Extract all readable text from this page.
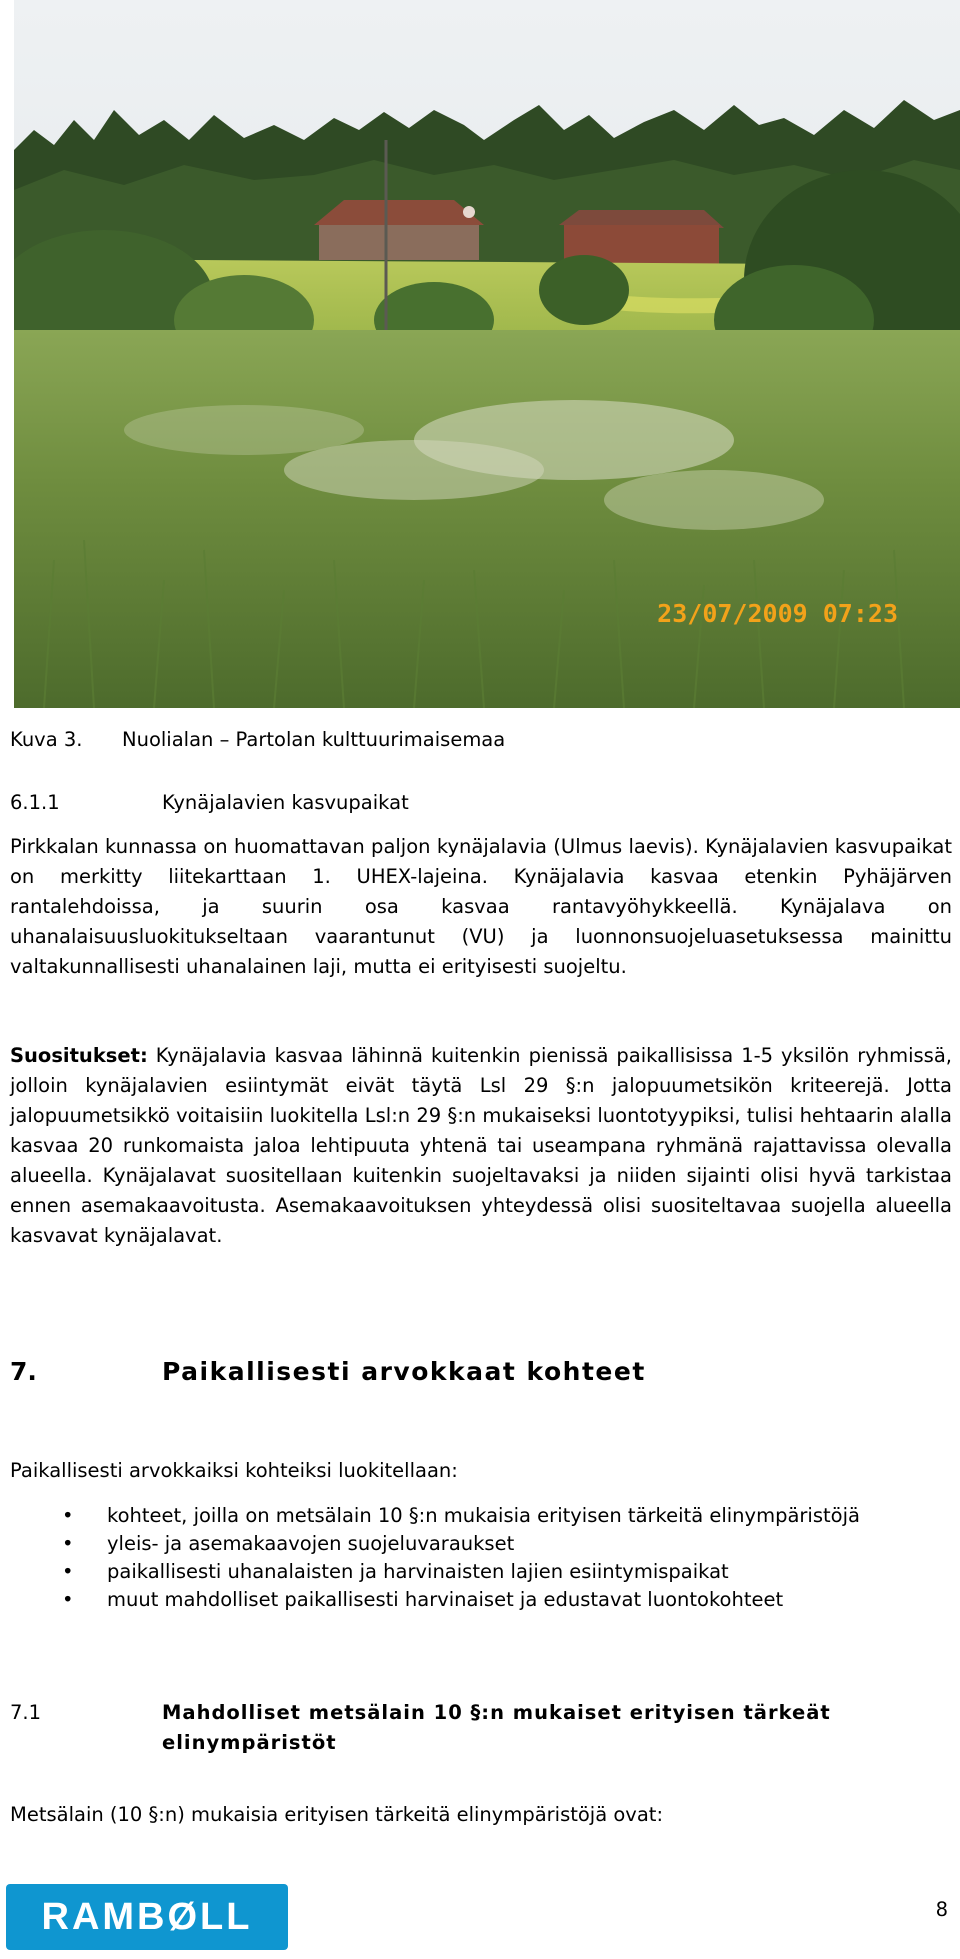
23/07/2009 07:23
Kuva 3. Nuolialan – Partolan kulttuurimaisemaa
6.1.1	Kynäjalavien kasvupaikat
Pirkkalan kunnassa on huomattavan paljon kynäjalavia (Ulmus laevis). Kynäjalavien kasvupaikat on merkitty liitekarttaan 1. UHEX-lajeina. Kynäjalavia kasvaa etenkin Pyhäjärven rantalehdoissa, ja suurin osa kasvaa rantavyöhykkeellä. Kynäjalava on uhanalaisuusluokitukseltaan vaarantunut (VU) ja luonnonsuojeluasetuksessa mainittu valtakunnallisesti uhanalainen laji, mutta ei erityisesti suojeltu.
Suositukset: Kynäjalavia kasvaa lähinnä kuitenkin pienissä paikallisissa 1-5 yksilön ryhmissä, jolloin kynäjalavien esiintymät eivät täytä Lsl 29 §:n jalopuumetsikön kriteerejä. Jotta jalopuumetsikkö voitaisiin luokitella Lsl:n 29 §:n mukaiseksi luontotyypiksi, tulisi hehtaarin alalla kasvaa 20 runkomaista jaloa lehtipuuta yhtenä tai useampana ryhmänä rajattavissa olevalla alueella. Kynäjalavat suositellaan kuitenkin suojeltavaksi ja niiden sijainti olisi hyvä tarkistaa ennen asemakaavoitusta. Asemakaavoituksen yhteydessä olisi suositeltavaa suojella alueella kasvavat kynäjalavat.
7.	Paikallisesti arvokkaat kohteet
Paikallisesti arvokkaiksi kohteiksi luokitellaan:
• kohteet, joilla on metsälain 10 §:n mukaisia erityisen tärkeitä elinympäristöjä
• yleis- ja asemakaavojen suojeluvaraukset
• paikallisesti uhanalaisten ja harvinaisten lajien esiintymispaikat
• muut mahdolliset paikallisesti harvinaiset ja edustavat luontokohteet
7.1	Mahdolliset metsälain 10 §:n mukaiset erityisen tärkeät elinympäristöt
Metsälain (10 §:n) mukaisia erityisen tärkeitä elinympäristöjä ovat:
RAMBØLL	8
